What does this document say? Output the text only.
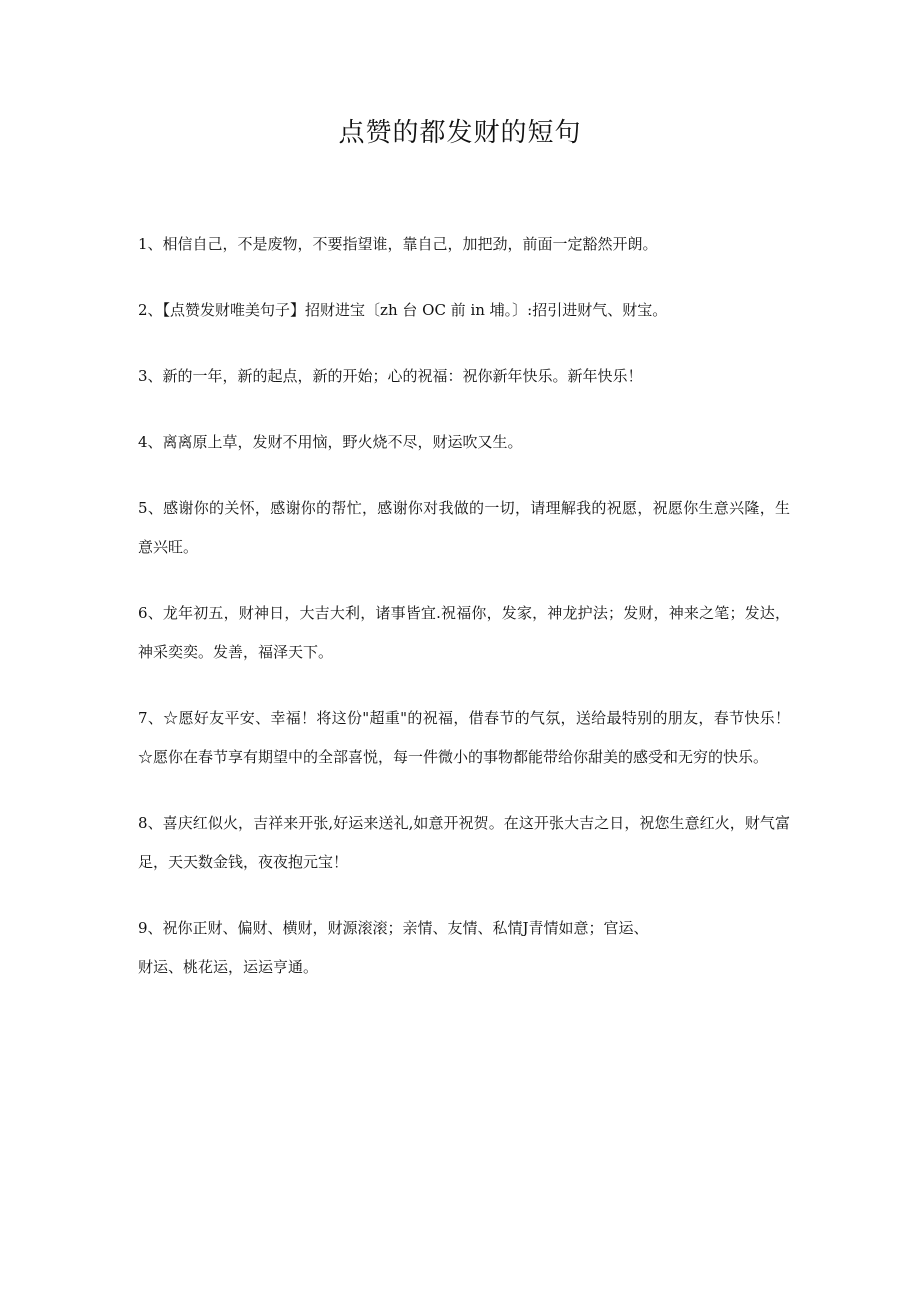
点赞的都发财的短句

1、相信自己，不是废物，不要指望谁，靠自己，加把劲，前面一定豁然开朗。

2、【点赞发财唯美句子】招财进宝〔zh 台 OC 前 in 埔。〕:招引进财气、财宝。

3、新的一年，新的起点，新的开始；心的祝福：祝你新年快乐。新年快乐！

4、离离原上草，发财不用恼，野火烧不尽，财运吹又生。

5、感谢你的关怀，感谢你的帮忙，感谢你对我做的一切，请理解我的祝愿，祝愿你生意兴隆，生意兴旺。

6、龙年初五，财神日，大吉大利，诸事皆宜.祝福你，发家，神龙护法；发财，神来之笔；发达，神采奕奕。发善，福泽天下。

7、☆愿好友平安、幸福！将这份"超重"的祝福，借春节的气氛，送给最特别的朋友，春节快乐！☆愿你在春节享有期望中的全部喜悦，每一件微小的事物都能带给你甜美的感受和无穷的快乐。

8、喜庆红似火，吉祥来开张,好运来送礼,如意开祝贺。在这开张大吉之日，祝您生意红火，财气富足，天天数金钱，夜夜抱元宝！

9、祝你正财、偏财、横财，财源滚滚；亲情、友情、私情J青情如意；官运、
财运、桃花运，运运亨通。
